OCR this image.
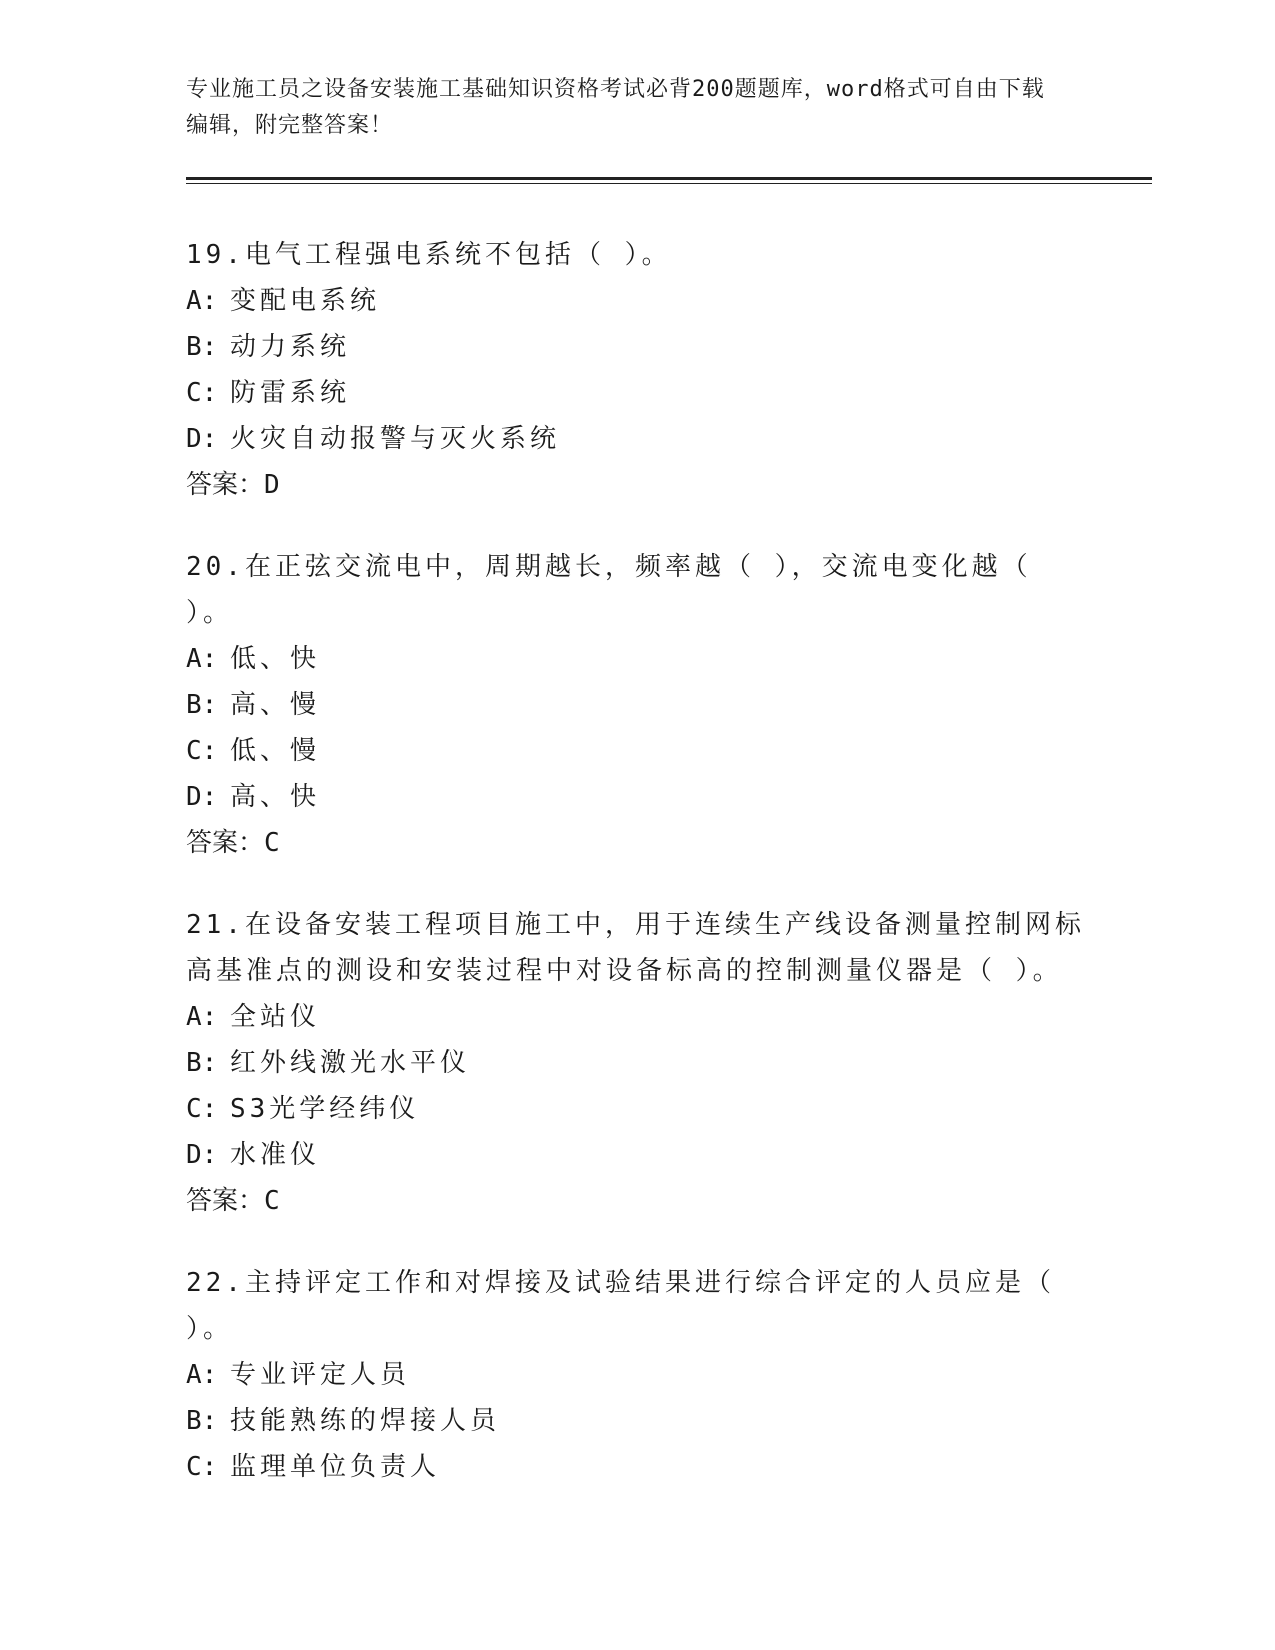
专业施工员之设备安装施工基础知识资格考试必背200题题库，word格式可自由下载编辑，附完整答案！
19.电气工程强电系统不包括（ ）。
A: 变配电系统
B: 动力系统
C: 防雷系统
D: 火灾自动报警与灭火系统
答案：D
20.在正弦交流电中，周期越长，频率越（ ），交流电变化越（ ）。
A: 低、快
B: 高、慢
C: 低、慢
D: 高、快
答案：C
21.在设备安装工程项目施工中，用于连续生产线设备测量控制网标高基准点的测设和安装过程中对设备标高的控制测量仪器是（ ）。
A: 全站仪
B: 红外线激光水平仪
C: S3光学经纬仪
D: 水准仪
答案：C
22.主持评定工作和对焊接及试验结果进行综合评定的人员应是（ ）。
A: 专业评定人员
B: 技能熟练的焊接人员
C: 监理单位负责人
